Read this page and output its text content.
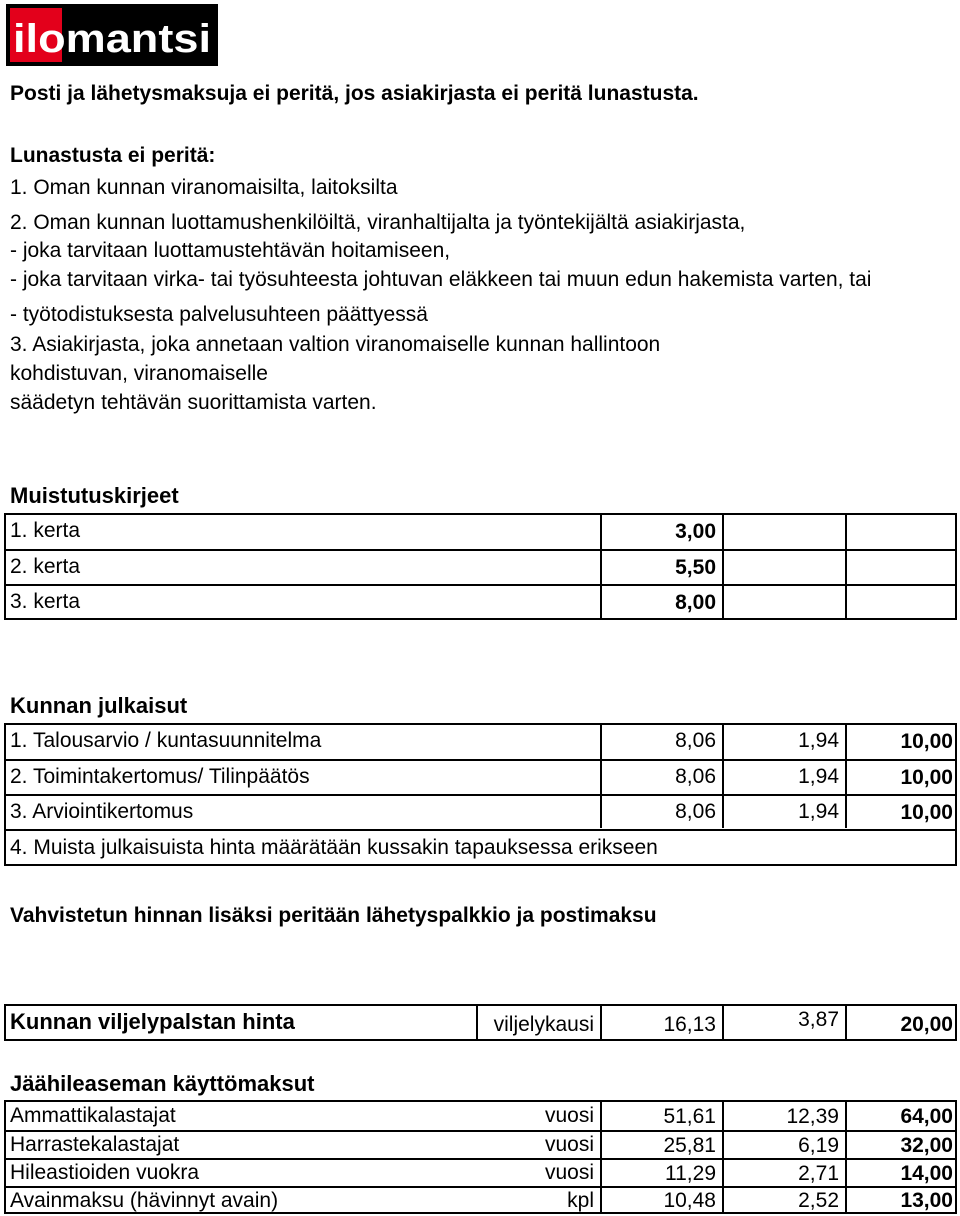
ilomantsi
Posti ja lähetysmaksuja ei peritä, jos asiakirjasta ei peritä lunastusta.
Lunastusta ei peritä:
1. Oman kunnan viranomaisilta, laitoksilta
2. Oman kunnan luottamushenkilöiltä, viranhaltijalta ja työntekijältä asiakirjasta,
- joka tarvitaan luottamustehtävän hoitamiseen,
- joka tarvitaan virka- tai työsuhteesta johtuvan eläkkeen tai muun edun hakemista varten, tai
- työtodistuksesta palvelusuhteen päättyessä
3. Asiakirjasta, joka annetaan valtion viranomaiselle kunnan hallintoon
kohdistuvan, viranomaiselle
säädetyn tehtävän suorittamista varten.
Muistutuskirjeet
1. kerta	3,00
2. kerta	5,50
3. kerta	8,00
Kunnan julkaisut
1. Talousarvio / kuntasuunnitelma	8,06	1,94	10,00
2. Toimintakertomus/ Tilinpäätös	8,06	1,94	10,00
3. Arviointikertomus	8,06	1,94	10,00
4. Muista julkaisuista hinta määrätään kussakin tapauksessa erikseen
Vahvistetun hinnan lisäksi peritään lähetyspalkkio ja postimaksu
Kunnan viljelypalstan hinta	viljelykausi	16,13	3,87	20,00
Jäähileaseman käyttömaksut
Ammattikalastajat	vuosi	51,61	12,39	64,00
Harrastekalastajat	vuosi	25,81	6,19	32,00
Hileastioiden vuokra	vuosi	11,29	2,71	14,00
Avainmaksu (hävinnyt avain)	kpl	10,48	2,52	13,00
